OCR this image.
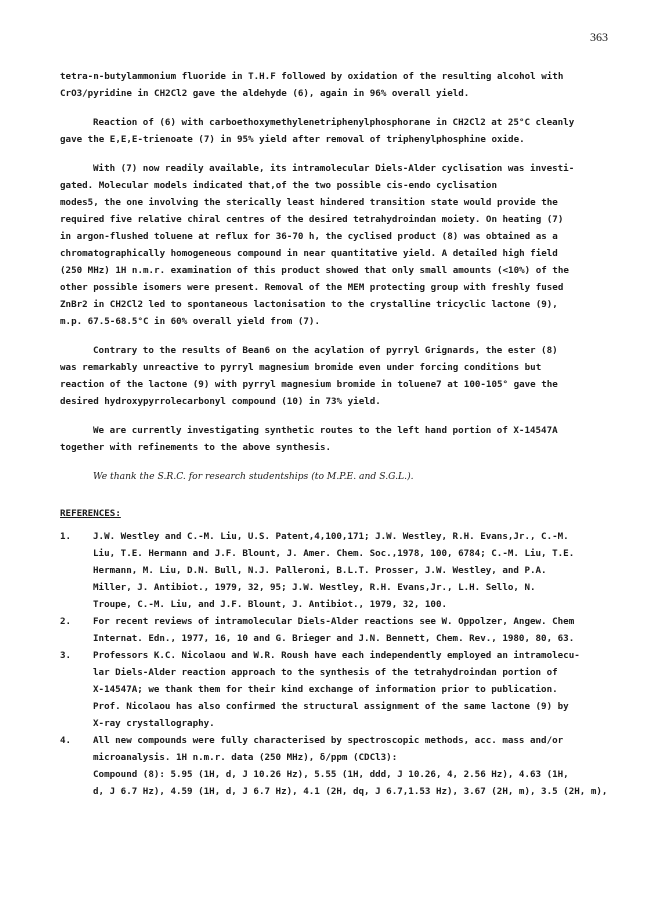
363
tetra-n-butylammonium fluoride in T.H.F followed by oxidation of the resulting alcohol with
CrO3/pyridine in CH2Cl2 gave the aldehyde (6), again in 96% overall yield.
Reaction of (6) with carboethoxymethylenetriphenylphosphorane in CH2Cl2 at 25°C cleanly
gave the E,E,E-trienoate (7) in 95% yield after removal of triphenylphosphine oxide.
With (7) now readily available, its intramolecular Diels-Alder cyclisation was investi-
gated. Molecular models indicated that,of the two possible cis-endo cyclisation
modes5, the one involving the sterically least hindered transition state would provide the
required five relative chiral centres of the desired tetrahydroindan moiety. On heating (7)
in argon-flushed toluene at reflux for 36-70 h, the cyclised product (8) was obtained as a
chromatographically homogeneous compound in near quantitative yield. A detailed high field
(250 MHz) 1H n.m.r. examination of this product showed that only small amounts (<10%) of the
other possible isomers were present. Removal of the MEM protecting group with freshly fused
ZnBr2 in CH2Cl2 led to spontaneous lactonisation to the crystalline tricyclic lactone (9),
m.p. 67.5-68.5°C in 60% overall yield from (7).
Contrary to the results of Bean6 on the acylation of pyrryl Grignards, the ester (8)
was remarkably unreactive to pyrryl magnesium bromide even under forcing conditions but
reaction of the lactone (9) with pyrryl magnesium bromide in toluene7 at 100-105° gave the
desired hydroxypyrrolecarbonyl compound (10) in 73% yield.
We are currently investigating synthetic routes to the left hand portion of X-14547A
together with refinements to the above synthesis.
We thank the S.R.C. for research studentships (to M.P.E. and S.G.L.).
REFERENCES:
1.	J.W. Westley and C.-M. Liu, U.S. Patent,4,100,171; J.W. Westley, R.H. Evans,Jr., C.-M.
Liu, T.E. Hermann and J.F. Blount, J. Amer. Chem. Soc.,1978, 100, 6784; C.-M. Liu, T.E.
Hermann, M. Liu, D.N. Bull, N.J. Palleroni, B.L.T. Prosser, J.W. Westley, and P.A.
Miller, J. Antibiot., 1979, 32, 95; J.W. Westley, R.H. Evans,Jr., L.H. Sello, N.
Troupe, C.-M. Liu, and J.F. Blount, J. Antibiot., 1979, 32, 100.
2.	For recent reviews of intramolecular Diels-Alder reactions see W. Oppolzer, Angew. Chem
Internat. Edn., 1977, 16, 10 and G. Brieger and J.N. Bennett, Chem. Rev., 1980, 80, 63.
3.	Professors K.C. Nicolaou and W.R. Roush have each independently employed an intramolecu-
lar Diels-Alder reaction approach to the synthesis of the tetrahydroindan portion of
X-14547A; we thank them for their kind exchange of information prior to publication.
Prof. Nicolaou has also confirmed the structural assignment of the same lactone (9) by
X-ray crystallography.
4.	All new compounds were fully characterised by spectroscopic methods, acc. mass and/or
microanalysis. 1H n.m.r. data (250 MHz), δ/ppm (CDCl3):
Compound (8): 5.95 (1H, d, J 10.26 Hz), 5.55 (1H, ddd, J 10.26, 4, 2.56 Hz), 4.63 (1H,
d, J 6.7 Hz), 4.59 (1H, d, J 6.7 Hz), 4.1 (2H, dq, J 6.7,1.53 Hz), 3.67 (2H, m), 3.5 (2H, m),
